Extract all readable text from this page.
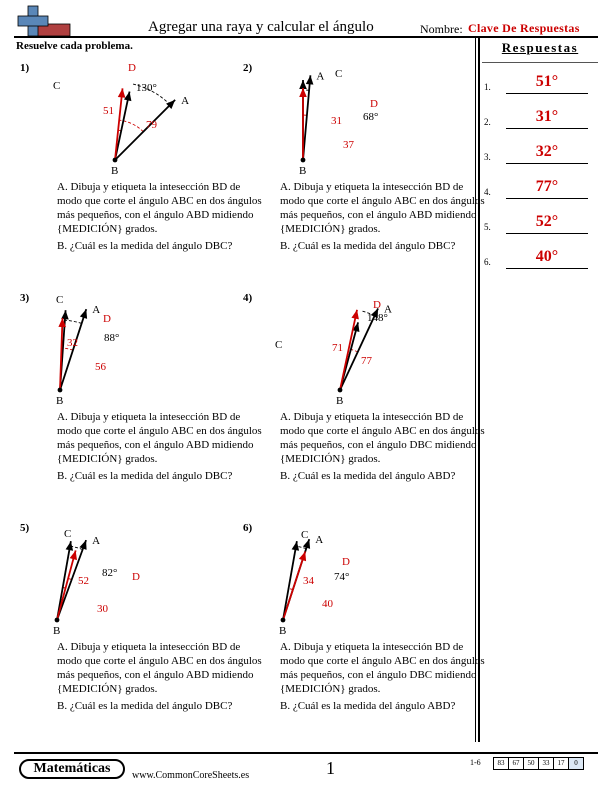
Agregar una raya y calcular el ángulo	Nombre: Clave De Respuestas
Resuelve cada problema.	Respuestas
1.	51°
2.	31°
3.	32°
4.	77°
5.	52°
6.	40°
1)
A
B
C
D
130°
51
79

A. Dibuja y etiqueta la intesección BD de modo que corte el ángulo ABC en dos ángulos más pequeños, con el ángulo ABD midiendo {MEDICIÓN} grados.

B. ¿Cuál es la medida del ángulo DBC?

2)
A
B
C
D
68°
31
37

A. Dibuja y etiqueta la intesección BD de modo que corte el ángulo ABC en dos ángulos más pequeños, con el ángulo ABD midiendo {MEDICIÓN} grados.

B. ¿Cuál es la medida del ángulo DBC?

3)
A
B
C
D
88°
32
56

A. Dibuja y etiqueta la intesección BD de modo que corte el ángulo ABC en dos ángulos más pequeños, con el ángulo ABD midiendo {MEDICIÓN} grados.

B. ¿Cuál es la medida del ángulo DBC?

4)
A
B
C
D
148°
71
77

A. Dibuja y etiqueta la intesección BD de modo que corte el ángulo ABC en dos ángulos más pequeños, con el ángulo DBC midiendo {MEDICIÓN} grados.

B. ¿Cuál es la medida del ángulo ABD?

5)
A
B
C
D
82°
52
30

A. Dibuja y etiqueta la intesección BD de modo que corte el ángulo ABC en dos ángulos más pequeños, con el ángulo ABD midiendo {MEDICIÓN} grados.

B. ¿Cuál es la medida del ángulo DBC?

6)
A
B
C
D
74°
34
40

A. Dibuja y etiqueta la intesección BD de modo que corte el ángulo ABC en dos ángulos más pequeños, con el ángulo DBC midiendo {MEDICIÓN} grados.

B. ¿Cuál es la medida del ángulo ABD?

Matemáticas	www.CommonCoreSheets.es	1	1-6	83	67	50	33	17	0
